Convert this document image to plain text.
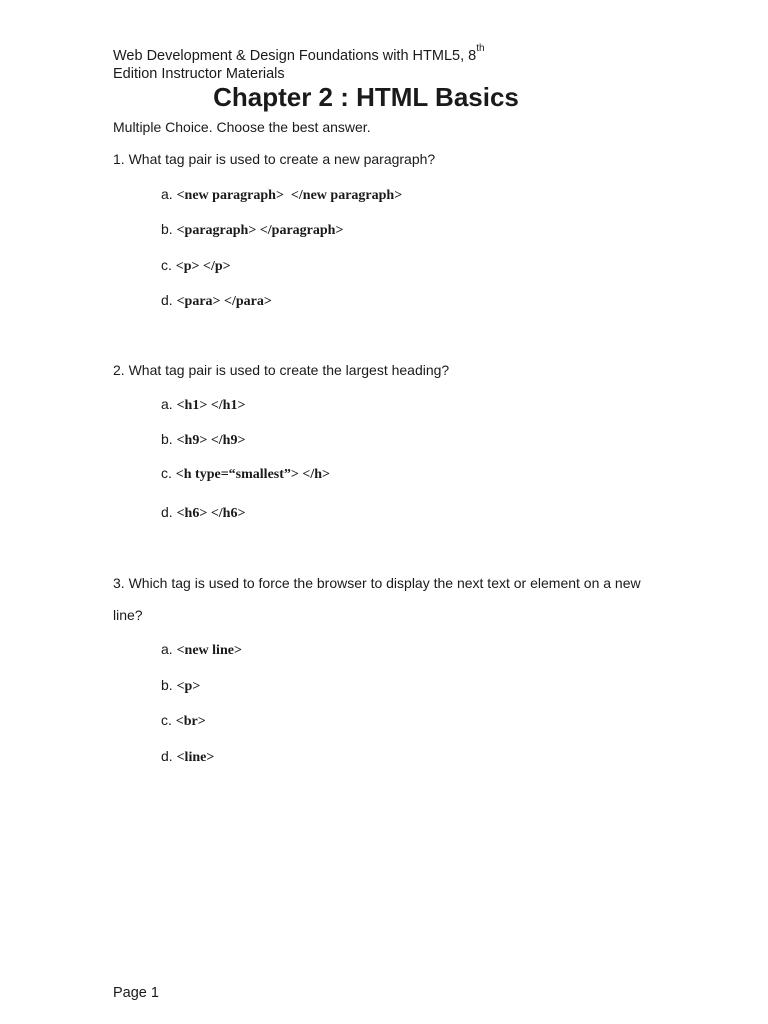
Web Development & Design Foundations with HTML5, 8th
Edition Instructor Materials
Chapter 2 : HTML Basics
Multiple Choice. Choose the best answer.
1. What tag pair is used to create a new paragraph?
a. <new paragraph>  </new paragraph>
b. <paragraph> </paragraph>
c. <p> </p>
d. <para> </para>
2. What tag pair is used to create the largest heading?
a. <h1> </h1>
b. <h9> </h9>
c. <h type=“smallest”> </h>
d. <h6> </h6>
3. Which tag is used to force the browser to display the next text or element on a new
line?
a. <new line>
b. <p>
c. <br>
d. <line>
Page 1
